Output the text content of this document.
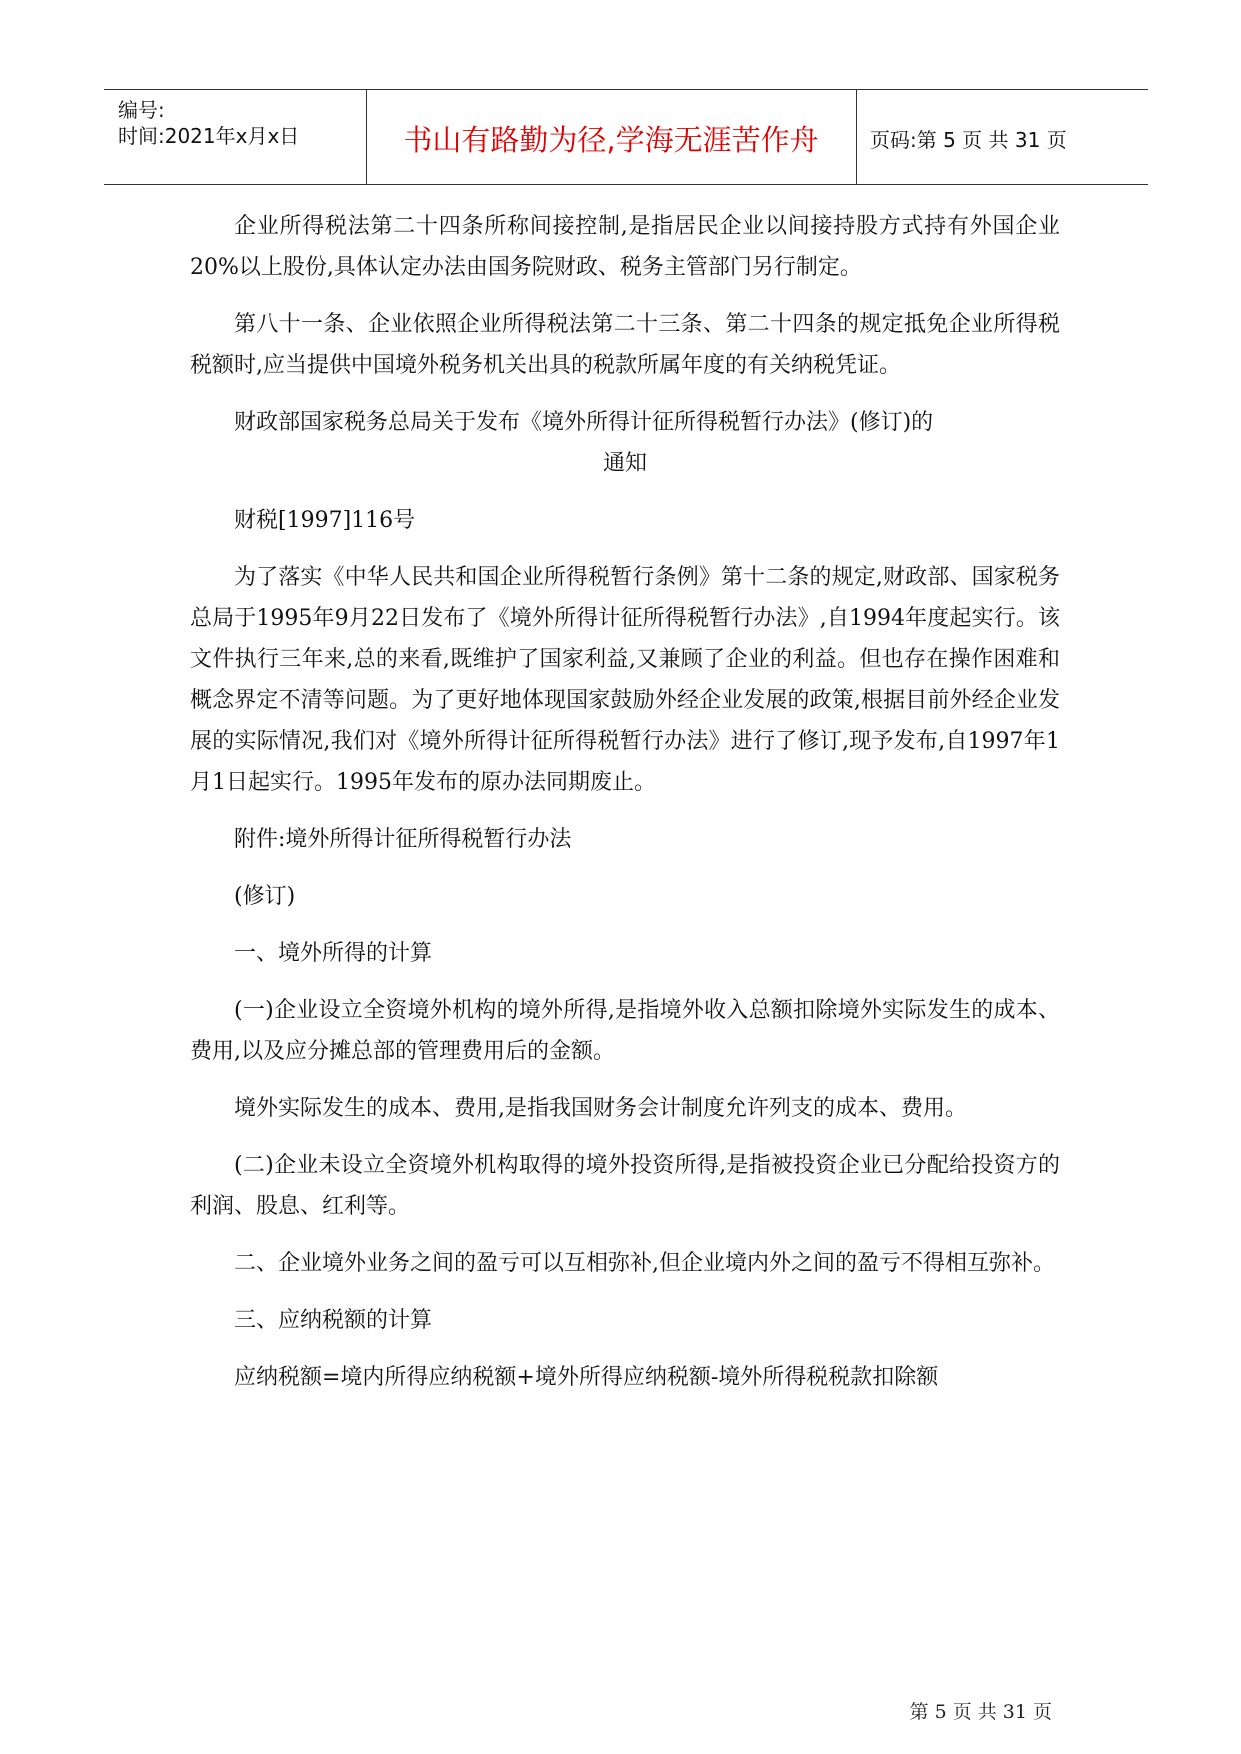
编号:
时间:2021年x月x日	书山有路勤为径,学海无涯苦作舟	页码:第 5 页 共 31 页

企业所得税法第二十四条所称间接控制,是指居民企业以间接持股方式持有外国企业20%以上股份,具体认定办法由国务院财政、税务主管部门另行制定。

第八十一条、企业依照企业所得税法第二十三条、第二十四条的规定抵免企业所得税税额时,应当提供中国境外税务机关出具的税款所属年度的有关纳税凭证。

财政部国家税务总局关于发布《境外所得计征所得税暂行办法》(修订)的
通知

财税[1997]116号

为了落实《中华人民共和国企业所得税暂行条例》第十二条的规定,财政部、国家税务总局于1995年9月22日发布了《境外所得计征所得税暂行办法》,自1994年度起实行。该文件执行三年来,总的来看,既维护了国家利益,又兼顾了企业的利益。但也存在操作困难和概念界定不清等问题。为了更好地体现国家鼓励外经企业发展的政策,根据目前外经企业发展的实际情况,我们对《境外所得计征所得税暂行办法》进行了修订,现予发布,自1997年1月1日起实行。1995年发布的原办法同期废止。

附件:境外所得计征所得税暂行办法

(修订)

一、境外所得的计算

(一)企业设立全资境外机构的境外所得,是指境外收入总额扣除境外实际发生的成本、费用,以及应分摊总部的管理费用后的金额。

境外实际发生的成本、费用,是指我国财务会计制度允许列支的成本、费用。

(二)企业未设立全资境外机构取得的境外投资所得,是指被投资企业已分配给投资方的利润、股息、红利等。

二、企业境外业务之间的盈亏可以互相弥补,但企业境内外之间的盈亏不得相互弥补。

三、应纳税额的计算

应纳税额=境内所得应纳税额+境外所得应纳税额-境外所得税税款扣除额

第 5 页 共 31 页
